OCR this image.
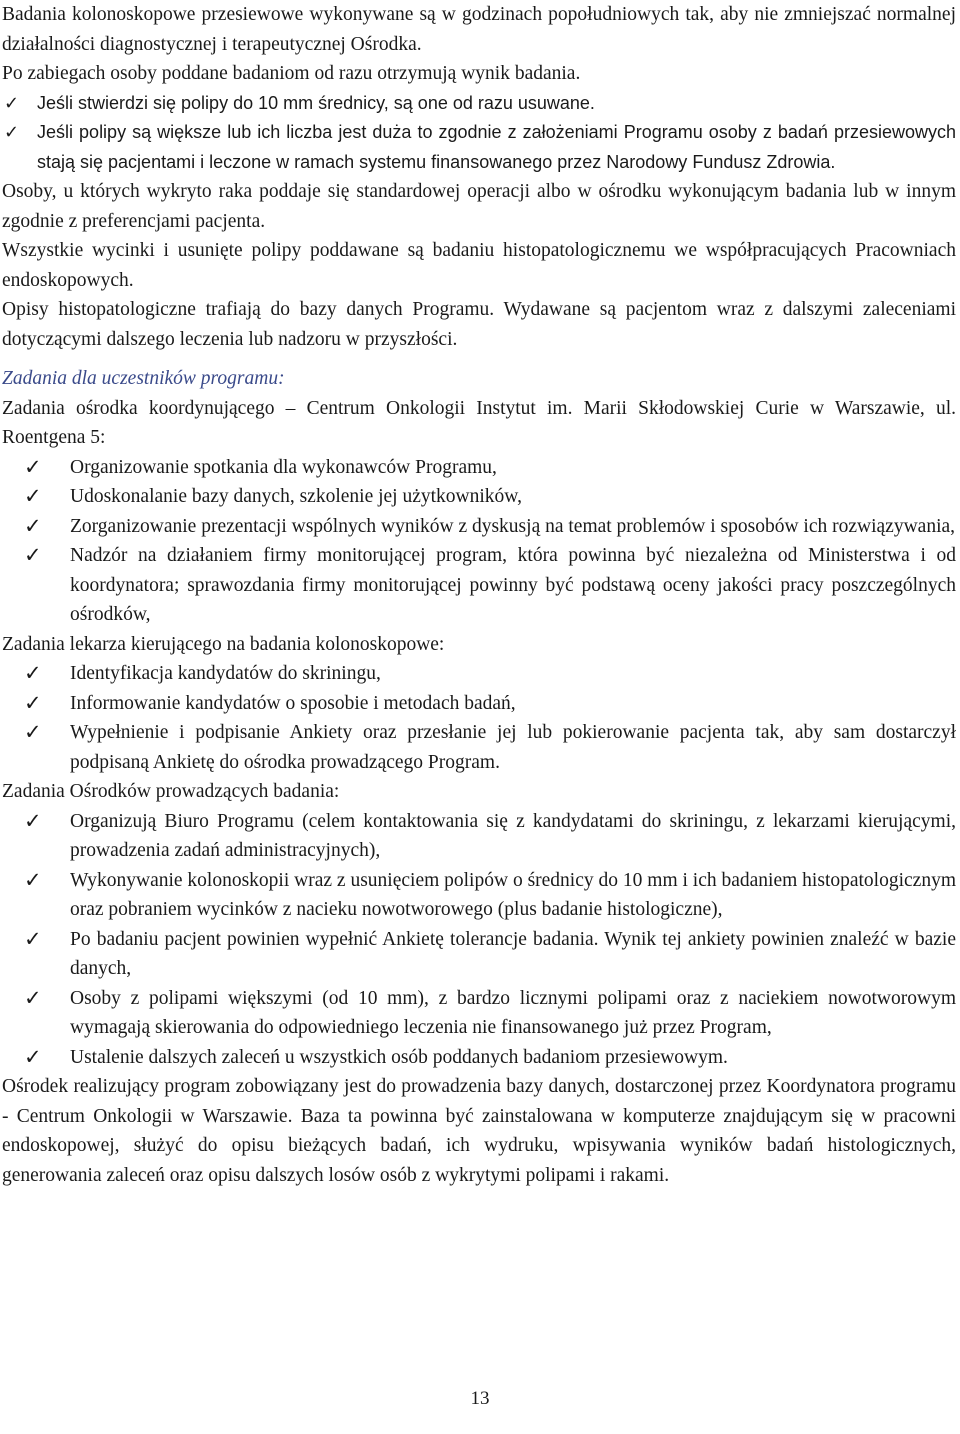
Badania kolonoskopowe przesiewowe wykonywane są w godzinach popołudniowych tak, aby nie zmniejszać normalnej działalności diagnostycznej i terapeutycznej Ośrodka.

Po zabiegach osoby poddane badaniom od razu otrzymują wynik badania.

✓ Jeśli stwierdzi się polipy do 10 mm średnicy, są one od razu usuwane.
✓ Jeśli polipy są większe lub ich liczba jest duża to zgodnie z założeniami Programu osoby z badań przesiewowych stają się pacjentami i leczone w ramach systemu finansowanego przez Narodowy Fundusz Zdrowia.

Osoby, u których wykryto raka poddaje się standardowej operacji albo w ośrodku wykonującym badania lub w innym zgodnie z preferencjami pacjenta.

Wszystkie wycinki i usunięte polipy poddawane są badaniu histopatologicznemu we współpracujących Pracowniach endoskopowych.

Opisy histopatologiczne trafiają do bazy danych Programu. Wydawane są pacjentom wraz z dalszymi zaleceniami dotyczącymi dalszego leczenia lub nadzoru w przyszłości.

Zadania dla uczestników programu:

Zadania ośrodka koordynującego – Centrum Onkologii Instytut im. Marii Skłodowskiej Curie w Warszawie, ul. Roentgena 5:

✓ Organizowanie spotkania dla wykonawców Programu,
✓ Udoskonalanie bazy danych, szkolenie jej użytkowników,
✓ Zorganizowanie prezentacji wspólnych wyników z dyskusją na temat problemów i sposobów ich rozwiązywania,
✓ Nadzór na działaniem firmy monitorującej program, która powinna być niezależna od Ministerstwa i od koordynatora; sprawozdania firmy monitorującej powinny być podstawą oceny jakości pracy poszczególnych ośrodków,

Zadania lekarza kierującego na badania kolonoskopowe:

✓ Identyfikacja kandydatów do skriningu,
✓ Informowanie kandydatów o sposobie i metodach badań,
✓ Wypełnienie i podpisanie Ankiety oraz przesłanie jej lub pokierowanie pacjenta tak, aby sam dostarczył podpisaną Ankietę do ośrodka prowadzącego Program.

Zadania Ośrodków prowadzących badania:

✓ Organizują Biuro Programu (celem kontaktowania się z kandydatami do skriningu, z lekarzami kierującymi, prowadzenia zadań administracyjnych),
✓ Wykonywanie kolonoskopii wraz z usunięciem polipów o średnicy do 10 mm i ich badaniem histopatologicznym oraz pobraniem wycinków z nacieku nowotworowego (plus badanie histologiczne),
✓ Po badaniu pacjent powinien wypełnić Ankietę tolerancje badania. Wynik tej ankiety powinien znaleźć w bazie danych,
✓ Osoby z polipami większymi (od 10 mm), z bardzo licznymi polipami oraz z naciekiem nowotworowym wymagają skierowania do odpowiedniego leczenia nie finansowanego już przez Program,
✓ Ustalenie dalszych zaleceń u wszystkich osób poddanych badaniom przesiewowym.

Ośrodek realizujący program zobowiązany jest do prowadzenia bazy danych, dostarczonej przez Koordynatora programu - Centrum Onkologii w Warszawie. Baza ta powinna być zainstalowana w komputerze znajdującym się w pracowni endoskopowej, służyć do opisu bieżących badań, ich wydruku, wpisywania wyników badań histologicznych, generowania zaleceń oraz opisu dalszych losów osób z wykrytymi polipami i rakami.

13
